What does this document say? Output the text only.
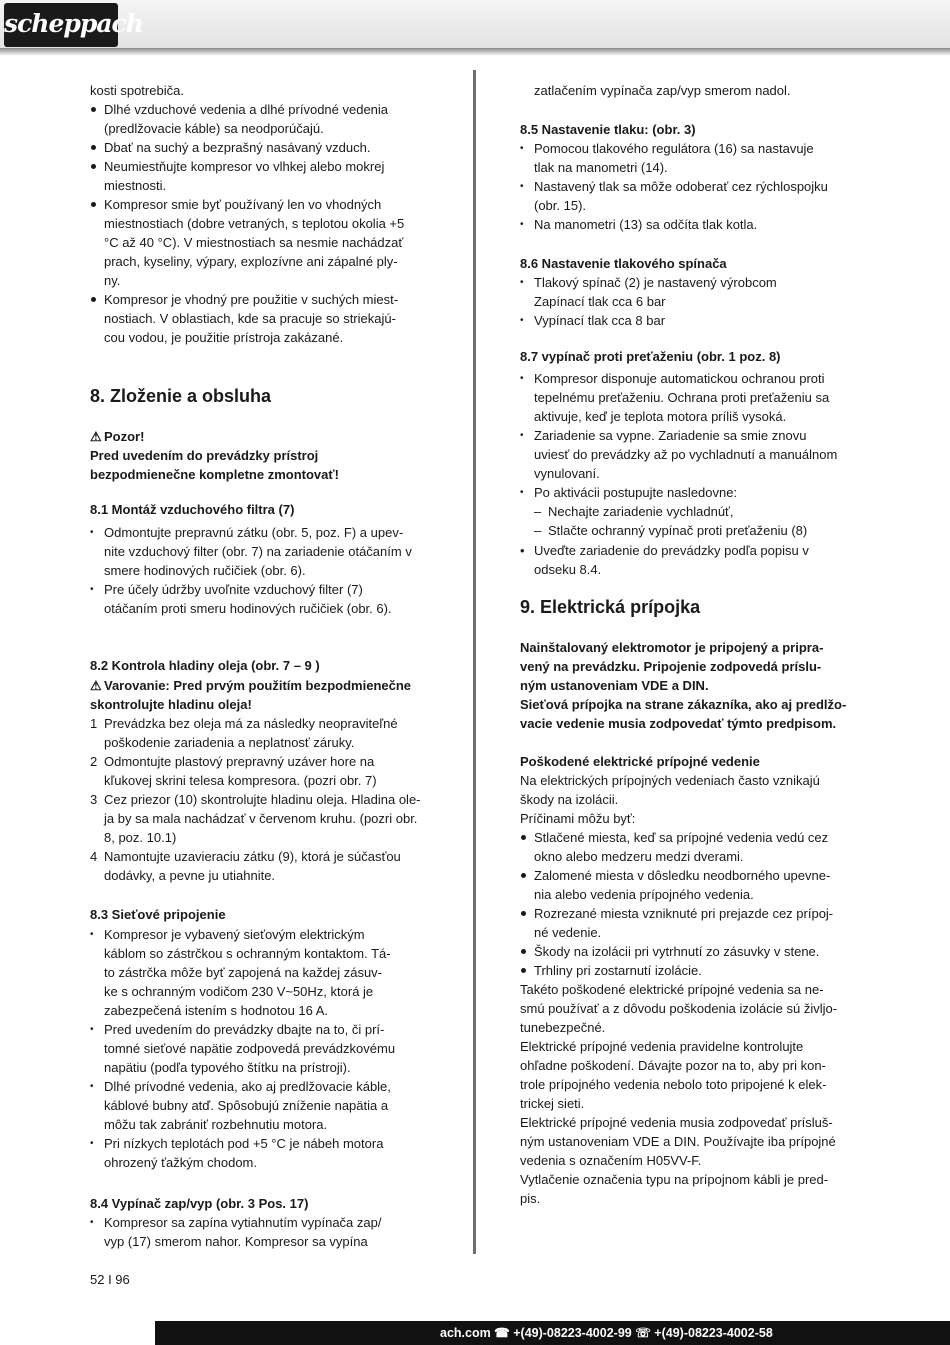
scheppach
kosti spotrebiča.
Dlhé vzduchové vedenia a dlhé prívodné vedenia
(predlžovacie káble) sa neodporúčajú.
Dbať na suchý a bezprašný nasávaný vzduch.
Neumiestňujte kompresor vo vlhkej alebo mokrej
miestnosti.
Kompresor smie byť používaný len vo vhodných
miestnostiach (dobre vetraných, s teplotou okolia +5
°C až 40 °C). V miestnostiach sa nesmie nachádzať
prach, kyseliny, výpary, explozívne ani zápalné ply-
ny.
Kompresor je vhodný pre použitie v suchých miest-
nostiach. V oblastiach, kde sa pracuje so striekajú-
cou vodou, je použitie prístroja zakázané.
8. Zloženie a obsluha
⚠ Pozor!
Pred uvedením do prevádzky prístroj
bezpodmienečne kompletne zmontovať!
8.1 Montáž vzduchového filtra (7)
• Odmontujte prepravnú zátku (obr. 5, poz. F) a upev-
nite vzduchový filter (obr. 7) na zariadenie otáčaním v
smere hodinových ručičiek (obr. 6).
• Pre účely údržby uvoľnite vzduchový filter (7)
otáčaním proti smeru hodinových ručičiek (obr. 6).
8.2 Kontrola hladiny oleja (obr. 7 – 9 )
⚠ Varovanie: Pred prvým použitím bezpodmienečne
skontrolujte hladinu oleja!
1 Prevádzka bez oleja má za následky neopraviteľné
poškodenie zariadenia a neplatnosť záruky.
2 Odmontujte plastový prepravný uzáver hore na
kľukovej skrini telesa kompresora. (pozri obr. 7)
3 Cez priezor (10) skontrolujte hladinu oleja. Hladina ole-
ja by sa mala nachádzať v červenom kruhu. (pozri obr.
8, poz. 10.1)
4 Namontujte uzavieraciu zátku (9), ktorá je súčasťou
dodávky, a pevne ju utiahnite.
8.3 Sieťové pripojenie
• Kompresor je vybavený sieťovým elektrickým
káblom so zástrčkou s ochranným kontaktom. Tá-
to zástrčka môže byť zapojená na každej zásuv-
ke s ochranným vodičom 230 V~50Hz, ktorá je
zabezpečená istením s hodnotou 16 A.
• Pred uvedením do prevádzky dbajte na to, či prí-
tomné sieťové napätie zodpovedá prevádzkovému
napätiu (podľa typového štítku na prístroji).
• Dlhé prívodné vedenia, ako aj predlžovacie káble,
káblové bubny atď. Spôsobujú zníženie napätia a
môžu tak zabrániť rozbehnutiu motora.
• Pri nízkych teplotách pod +5 °C je nábeh motora
ohrozený ťažkým chodom.
8.4 Vypínač zap/vyp (obr. 3 Pos. 17)
• Kompresor sa zapína vytiahnutím vypínača zap/
vyp (17) smerom nahor. Kompresor sa vypína
zatlačením vypínača zap/vyp smerom nadol.
8.5 Nastavenie tlaku: (obr. 3)
• Pomocou tlakového regulátora (16) sa nastavuje
tlak na manometri (14).
• Nastavený tlak sa môže odoberať cez rýchlospojku
(obr. 15).
• Na manometri (13) sa odčíta tlak kotla.
8.6 Nastavenie tlakového spínača
• Tlakový spínač (2) je nastavený výrobcom
Zapínací tlak cca 6 bar
• Vypínací tlak cca 8 bar
8.7 vypínač proti preťaženiu (obr. 1 poz. 8)
• Kompresor disponuje automatickou ochranou proti
tepelnému preťaženiu. Ochrana proti preťaženiu sa
aktivuje, keď je teplota motora príliš vysoká.
• Zariadenie sa vypne. Zariadenie sa smie znovu
uviesť do prevádzky až po vychladnutí a manuálnom
vynulovaní.
• Po aktivácii postupujte nasledovne:
– Nechajte zariadenie vychladnúť,
– Stlačte ochranný vypínač proti preťaženiu (8)
• Uveďte zariadenie do prevádzky podľa popisu v
odseku 8.4.
9. Elektrická prípojka
Nainštalovaný elektromotor je pripojený a pripra-
vený na prevádzku. Pripojenie zodpovedá príslu-
ným ustanoveniam VDE a DIN.
Sieťová prípojka na strane zákazníka, ako aj predlžo-
vacie vedenie musia zodpovedať týmto predpisom.
Poškodené elektrické prípojné vedenie
Na elektrických prípojných vedeniach často vznikajú
škody na izolácii.
Príčinami môžu byť:
Stlačené miesta, keď sa prípojné vedenia vedú cez
okno alebo medzeru medzi dverami.
Zalomené miesta v dôsledku neodborného upevne-
nia alebo vedenia prípojného vedenia.
Rozrezané miesta vzniknuté pri prejazde cez prípoj-
né vedenie.
Škody na izolácii pri vytrhnutí zo zásuvky v stene.
Trhliny pri zostarnutí izolácie.
Takéto poškodené elektrické prípojné vedenia sa ne-
smú používať a z dôvodu poškodenia izolácie sú življo-
tunebezpečné.
Elektrické prípojné vedenia pravidelne kontrolujte
ohľadne poškodení. Dávajte pozor na to, aby pri kon-
trole prípojného vedenia nebolo toto pripojené k elek-
trickej sieti.
Elektrické prípojné vedenia musia zodpovedať prísluš-
ným ustanoveniam VDE a DIN. Používajte iba prípojné
vedenia s označením H05VV-F.
Vytlačenie označenia typu na prípojnom kábli je pred-
pis.
52 I 96
ach.com ☎ +(49)-08223-4002-99 ☏ +(49)-08223-4002-58
